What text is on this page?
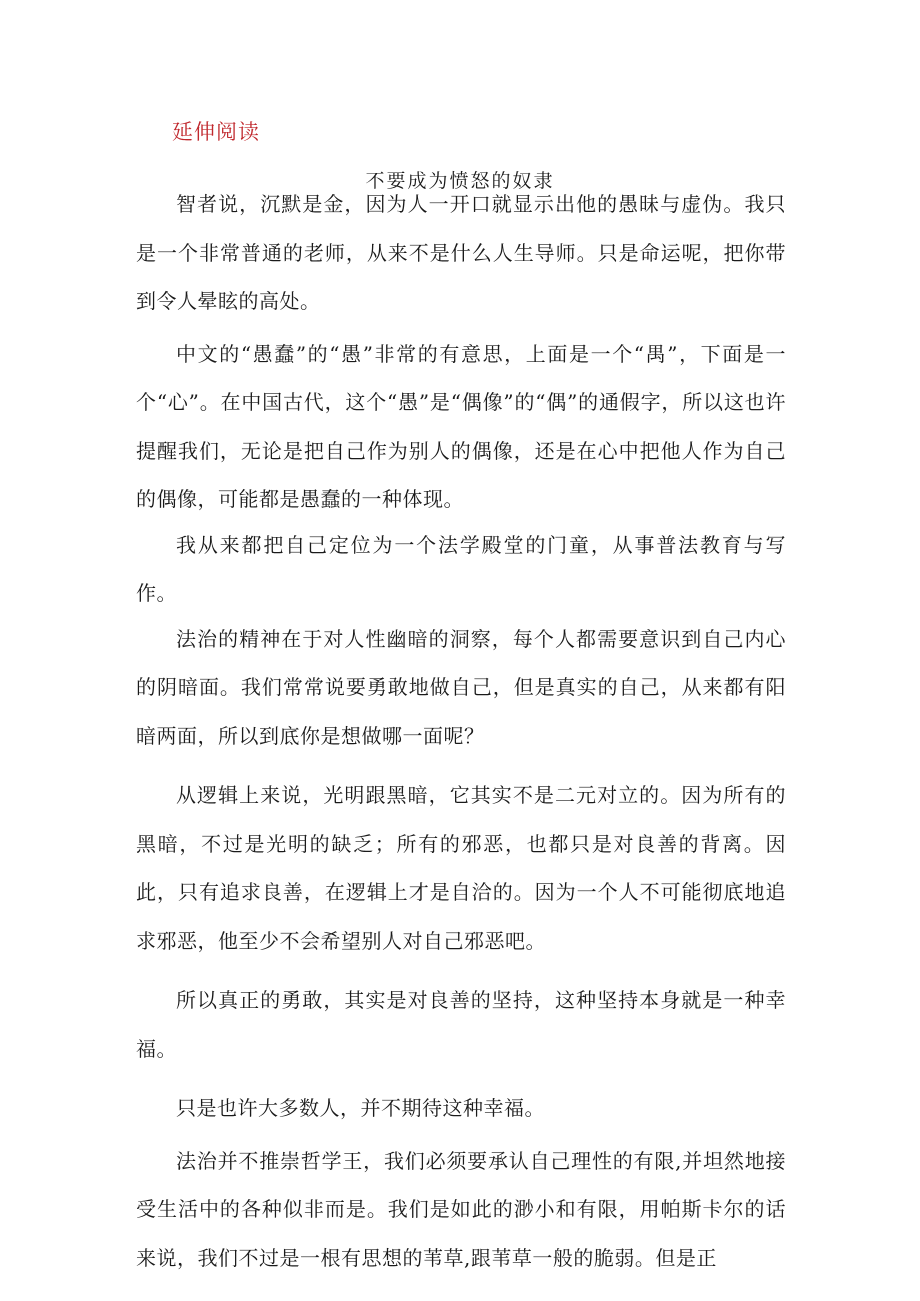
延伸阅读
不要成为愤怒的奴隶

智者说，沉默是金，因为人一开口就显示出他的愚昧与虚伪。我只是一个非常普通的老师，从来不是什么人生导师。只是命运呢，把你带到令人晕眩的高处。

中文的“愚蠢”的“愚”非常的有意思，上面是一个“禺”，下面是一个“心”。在中国古代，这个“愚”是“偶像”的“偶”的通假字，所以这也许提醒我们，无论是把自己作为别人的偶像，还是在心中把他人作为自己的偶像，可能都是愚蠢的一种体现。

我从来都把自己定位为一个法学殿堂的门童，从事普法教育与写作。

法治的精神在于对人性幽暗的洞察，每个人都需要意识到自己内心的阴暗面。我们常常说要勇敢地做自己，但是真实的自己，从来都有阳暗两面，所以到底你是想做哪一面呢？

从逻辑上来说，光明跟黑暗，它其实不是二元对立的。因为所有的黑暗，不过是光明的缺乏；所有的邪恶，也都只是对良善的背离。因此，只有追求良善，在逻辑上才是自洽的。因为一个人不可能彻底地追求邪恶，他至少不会希望别人对自己邪恶吧。

所以真正的勇敢，其实是对良善的坚持，这种坚持本身就是一种幸福。

只是也许大多数人，并不期待这种幸福。

法治并不推崇哲学王，我们必须要承认自己理性的有限,并坦然地接受生活中的各种似非而是。我们是如此的渺小和有限，用帕斯卡尔的话来说，我们不过是一根有思想的苇草,跟苇草一般的脆弱。但是正
